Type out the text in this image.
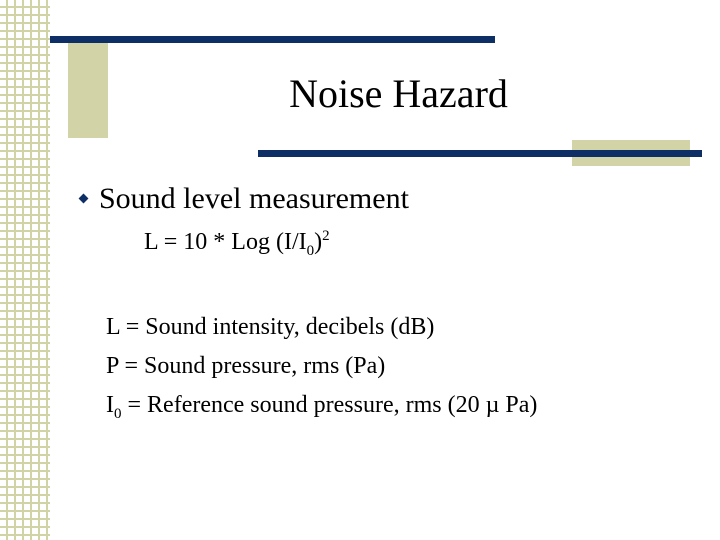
Noise Hazard
Sound level measurement
L = 10 * Log $(I/I_0)^2$
L = Sound intensity, decibels (dB)
P = Sound pressure, rms (Pa)
$I_0$ = Reference sound pressure, rms (20 µ Pa)
